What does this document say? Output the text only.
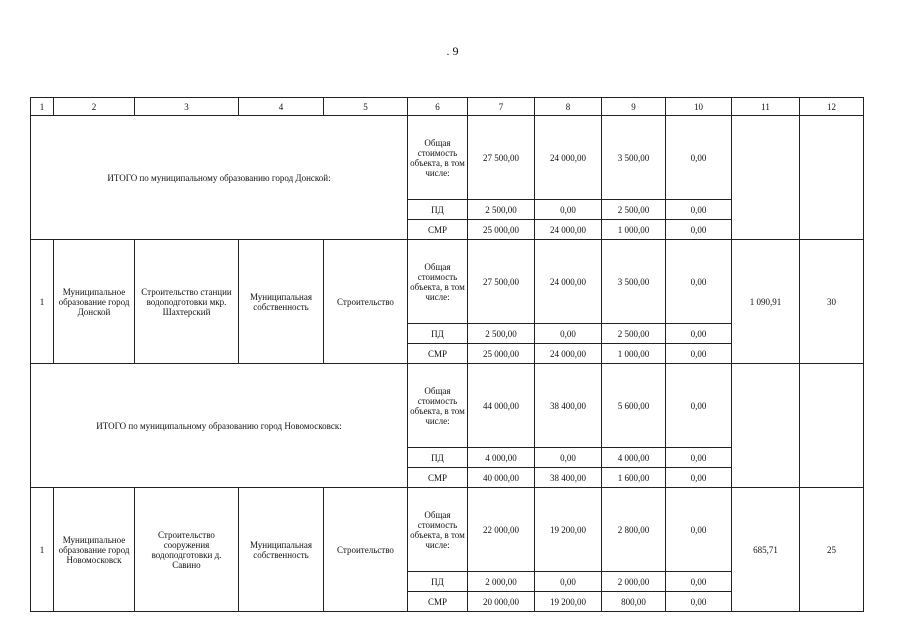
. 9
1	2	3	4	5	6	7	8	9	10	11	12
ИТОГО по муниципальному образованию город Донской:					Общая стоимость объекта, в том числе:	27 500,00	24 000,00	3 500,00	0,00		
					ПД	2 500,00	0,00	2 500,00	0,00		
					СМР	25 000,00	24 000,00	1 000,00	0,00		
1	Муниципальное образование город Донской	Строительство станции водоподготовки мкр. Шахтерский	Муниципальная собственность	Строительство	Общая стоимость объекта, в том числе:	27 500,00	24 000,00	3 500,00	0,00	1 090,91	30
					ПД	2 500,00	0,00	2 500,00	0,00		
					СМР	25 000,00	24 000,00	1 000,00	0,00		
ИТОГО по муниципальному образованию город Новомосковск:					Общая стоимость объекта, в том числе:	44 000,00	38 400,00	5 600,00	0,00		
					ПД	4 000,00	0,00	4 000,00	0,00		
					СМР	40 000,00	38 400,00	1 600,00	0,00		
1	Муниципальное образование город Новомосковск	Строительство сооружения водоподготовки д. Савино	Муниципальная собственность	Строительство	Общая стоимость объекта, в том числе:	22 000,00	19 200,00	2 800,00	0,00	685,71	25
					ПД	2 000,00	0,00	2 000,00	0,00		
					СМР	20 000,00	19 200,00	800,00	0,00		
